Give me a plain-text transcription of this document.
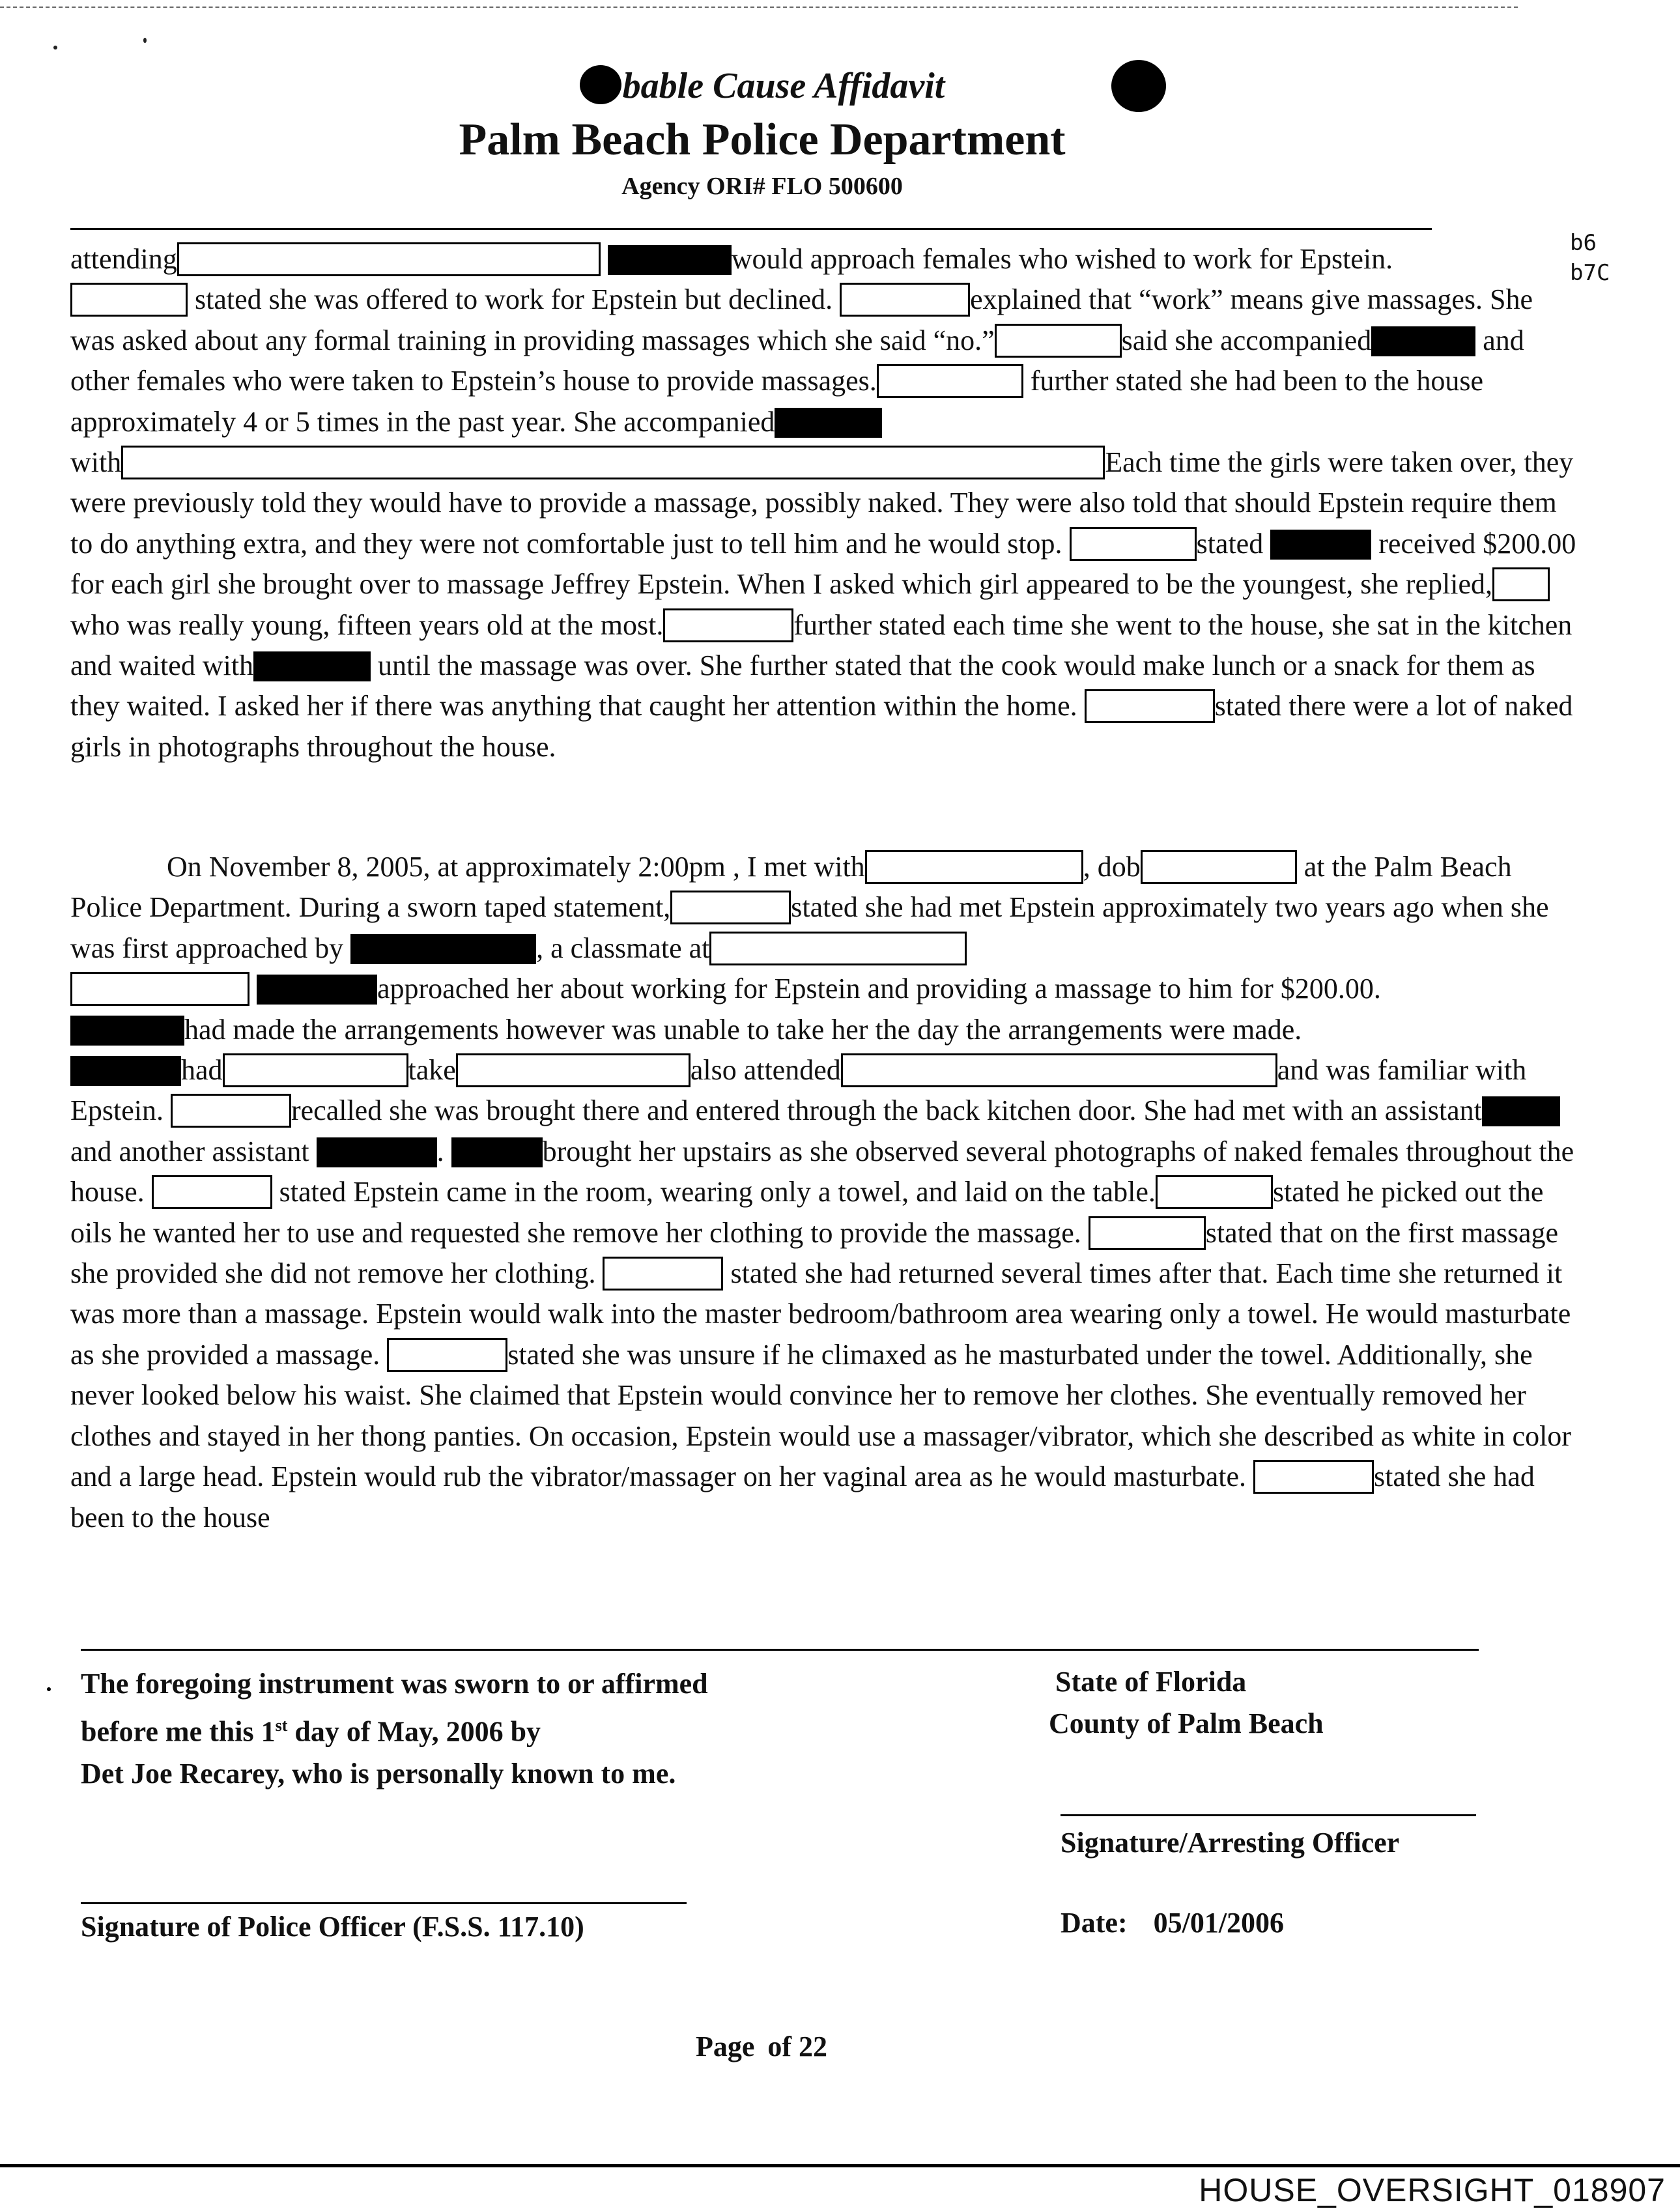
bable Cause Affidavit
Palm Beach Police Department
Agency ORI# FLO 500600
b6
b7C
attending	would approach females who wished to work for Epstein.
stated she was offered to work for Epstein but declined.	explained that “work” means give massages. She was asked about any formal training in providing massages which she said “no.”	said she accompanied	and other females who were taken to Epstein’s house to provide massages.	further stated she had been to the house approximately 4 or 5 times in the past year. She accompanied
with	Each time the girls were taken over, they were previously told they would have to provide a massage, possibly naked. They were also told that should Epstein require them to do anything extra, and they were not comfortable just to tell him and he would stop.	stated	received $200.00 for each girl she brought over to massage Jeffrey Epstein. When I asked which girl appeared to be the youngest, she replied, who was really young, fifteen years old at the most.	further stated each time she went to the house, she sat in the kitchen and waited with	until the massage was over. She further stated that the cook would make lunch or a snack for them as they waited. I asked her if there was anything that caught her attention within the home.	stated there were a lot of naked girls in photographs throughout the house.
On November 8, 2005, at approximately 2:00pm , I met with	, dob	at the Palm Beach Police Department. During a sworn taped statement,	stated she had met Epstein approximately two years ago when she was first approached by	, a classmate at
approached her about working for Epstein and providing a massage to him for $200.00.
had made the arrangements however was unable to take her the day the arrangements were made.
had	take	also attended	and was familiar with Epstein.	recalled she was brought there and entered through the back kitchen door. She had met with an assistant and another assistant	.	brought her upstairs as she observed several photographs of naked females throughout the house.	stated Epstein came in the room, wearing only a towel, and laid on the table.	stated he picked out the oils he wanted her to use and requested she remove her clothing to provide the massage.	stated that on the first massage she provided she did not remove her clothing.	stated she had returned several times after that. Each time she returned it was more than a massage. Epstein would walk into the master bedroom/bathroom area wearing only a towel. He would masturbate as she provided a massage.	stated she was unsure if he climaxed as he masturbated under the towel. Additionally, she never looked below his waist. She claimed that Epstein would convince her to remove her clothes. She eventually removed her clothes and stayed in her thong panties. On occasion, Epstein would use a massager/vibrator, which she described as white in color and a large head. Epstein would rub the vibrator/massager on her vaginal area as he would masturbate.	stated she had been to the house
The foregoing instrument was sworn to or affirmed
before me this 1st day of May, 2006 by
Det Joe Recarey, who is personally known to me.
State of Florida
County of Palm Beach
Signature/Arresting Officer
Signature of Police Officer (F.S.S. 117.10)	Date: 05/01/2006
Page of 22
HOUSE_OVERSIGHT_018907
